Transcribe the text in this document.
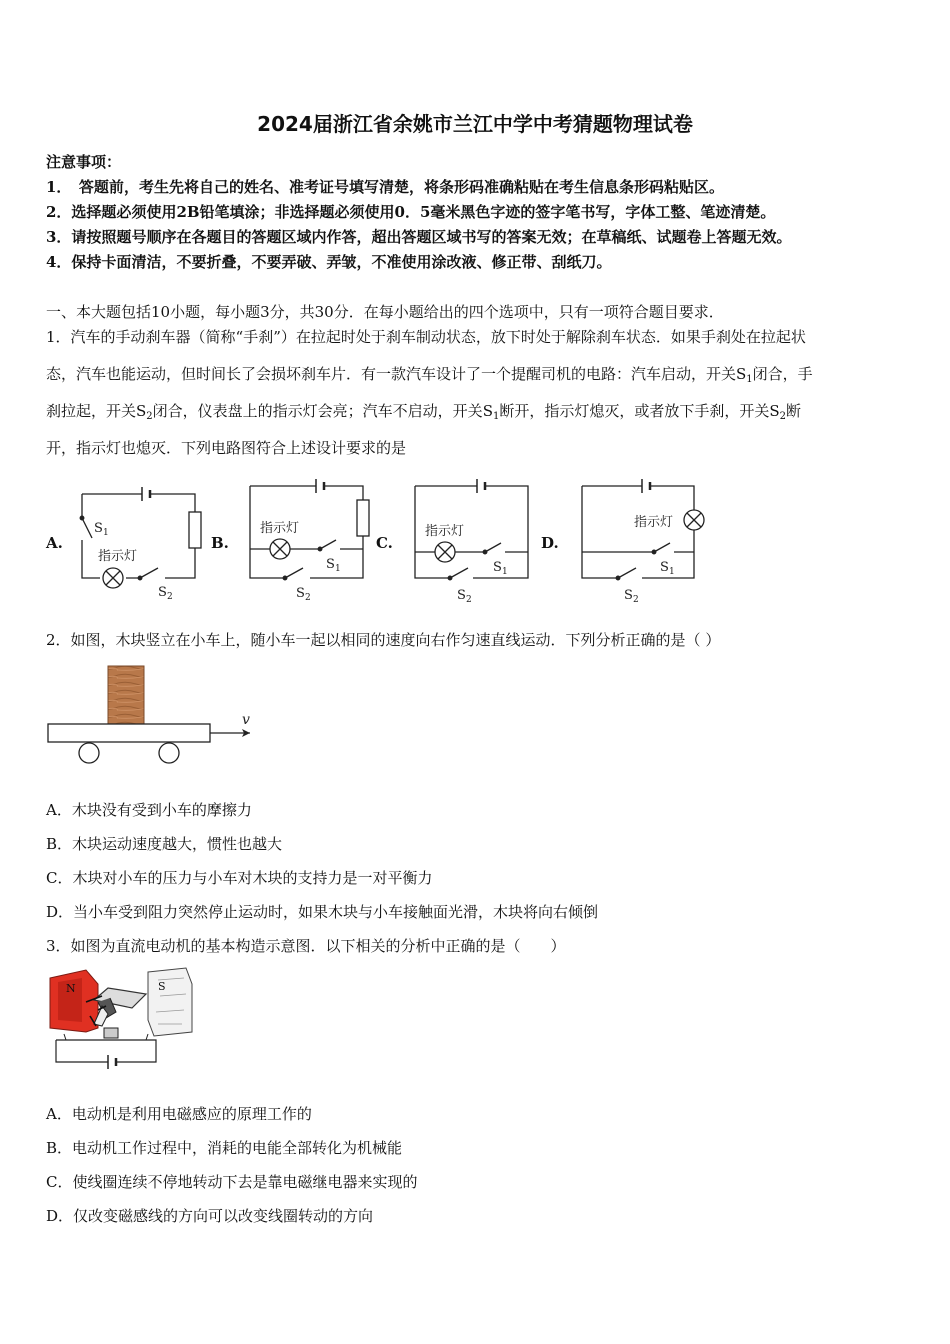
2024届浙江省余姚市兰江中学中考猜题物理试卷
注意事项：
1．　答题前，考生先将自己的姓名、准考证号填写清楚，将条形码准确粘贴在考生信息条形码粘贴区。
2．选择题必须使用2B铅笔填涂；非选择题必须使用0．5毫米黑色字迹的签字笔书写，字体工整、笔迹清楚。
3．请按照题号顺序在各题目的答题区域内作答，超出答题区域书写的答案无效；在草稿纸、试题卷上答题无效。
4．保持卡面清洁，不要折叠，不要弄破、弄皱，不准使用涂改液、修正带、刮纸刀。
一、本大题包括10小题，每小题3分，共30分．在每小题给出的四个选项中，只有一项符合题目要求．
1．汽车的手动刹车器（简称“手刹”）在拉起时处于刹车制动状态，放下时处于解除刹车状态．如果手刹处在拉起状
态，汽车也能运动，但时间长了会损坏刹车片．有一款汽车设计了一个提醒司机的电路：汽车启动，开关$S_1$闭合，手
刹拉起，开关$S_2$闭合，仪表盘上的指示灯会亮；汽车不启动，开关$S_1$断开，指示灯熄灭，或者放下手刹，开关$S_2$断
开，指示灯也熄灭．下列电路图符合上述设计要求的是
A.	B.	C.	D.
S 1
指示灯
S 2
指示灯
S 1
S 2
指示灯
S 1
S 2
指示灯
S 1
S 2
2．如图，木块竖立在小车上，随小车一起以相同的速度向右作匀速直线运动．下列分析正确的是（ ）
v
A．木块没有受到小车的摩擦力
B．木块运动速度越大，惯性也越大
C．木块对小车的压力与小车对木块的支持力是一对平衡力
D．当小车受到阻力突然停止运动时，如果木块与小车接触面光滑，木块将向右倾倒
3．如图为直流电动机的基本构造示意图．以下相关的分析中正确的是（　　）
N	S
A．电动机是利用电磁感应的原理工作的
B．电动机工作过程中，消耗的电能全部转化为机械能
C．使线圈连续不停地转动下去是靠电磁继电器来实现的
D．仅改变磁感线的方向可以改变线圈转动的方向
